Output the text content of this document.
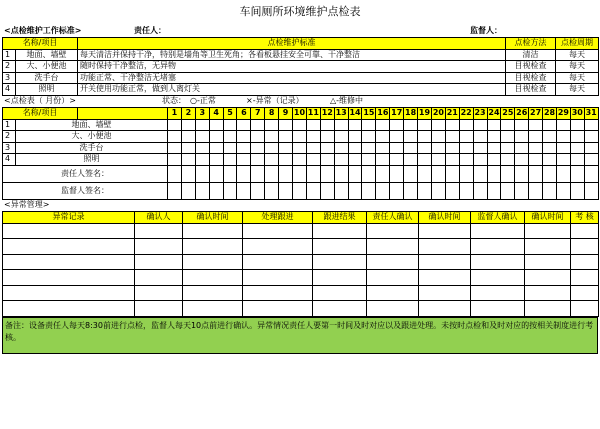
车间厕所环境维护点检表
<点检维护工作标准>	责任人：	监督人：
名称/项目		点检维护标准	点检方法	点检周期
1	地面、墙壁	每天清洁并保持干净，特别是墙角等卫生死角；各看板悬挂安全可靠、干净整洁	清洁	每天
2	大、小便池	随时保持干净整洁，无异物	目视检查	每天
3	洗手台	功能正常、干净整洁无堵塞	目视检查	每天
4	照明	开关使用功能正常，做到人离灯关	目视检查	每天
<点检表（ 月份）>	状态：	○-正常	×-异常（记录）	△-维修中
名称/项目			1	2	3	4	5	6	7	8	9	10	11	12	13	14	15	16	17	18	19	20	21	22	23	24	25	26	27	28	29	30	31
1	地面、墙壁																																
2	大、小便池																																
3	洗手台																																
4	照明																																
责任人签名：																																	
监督人签名：																																	
<异常管理>
异常记录	确认人	确认时间	处理跟进	跟进结果	责任人确认	确认时间	监督人确认	确认时间	考 核

备注：设备责任人每天8:30前进行点检，监督人每天10点前进行确认。异常情况责任人要第一时间及时对应以及跟进处理。未按时点检和及时对应的按相关制度进行考核。
